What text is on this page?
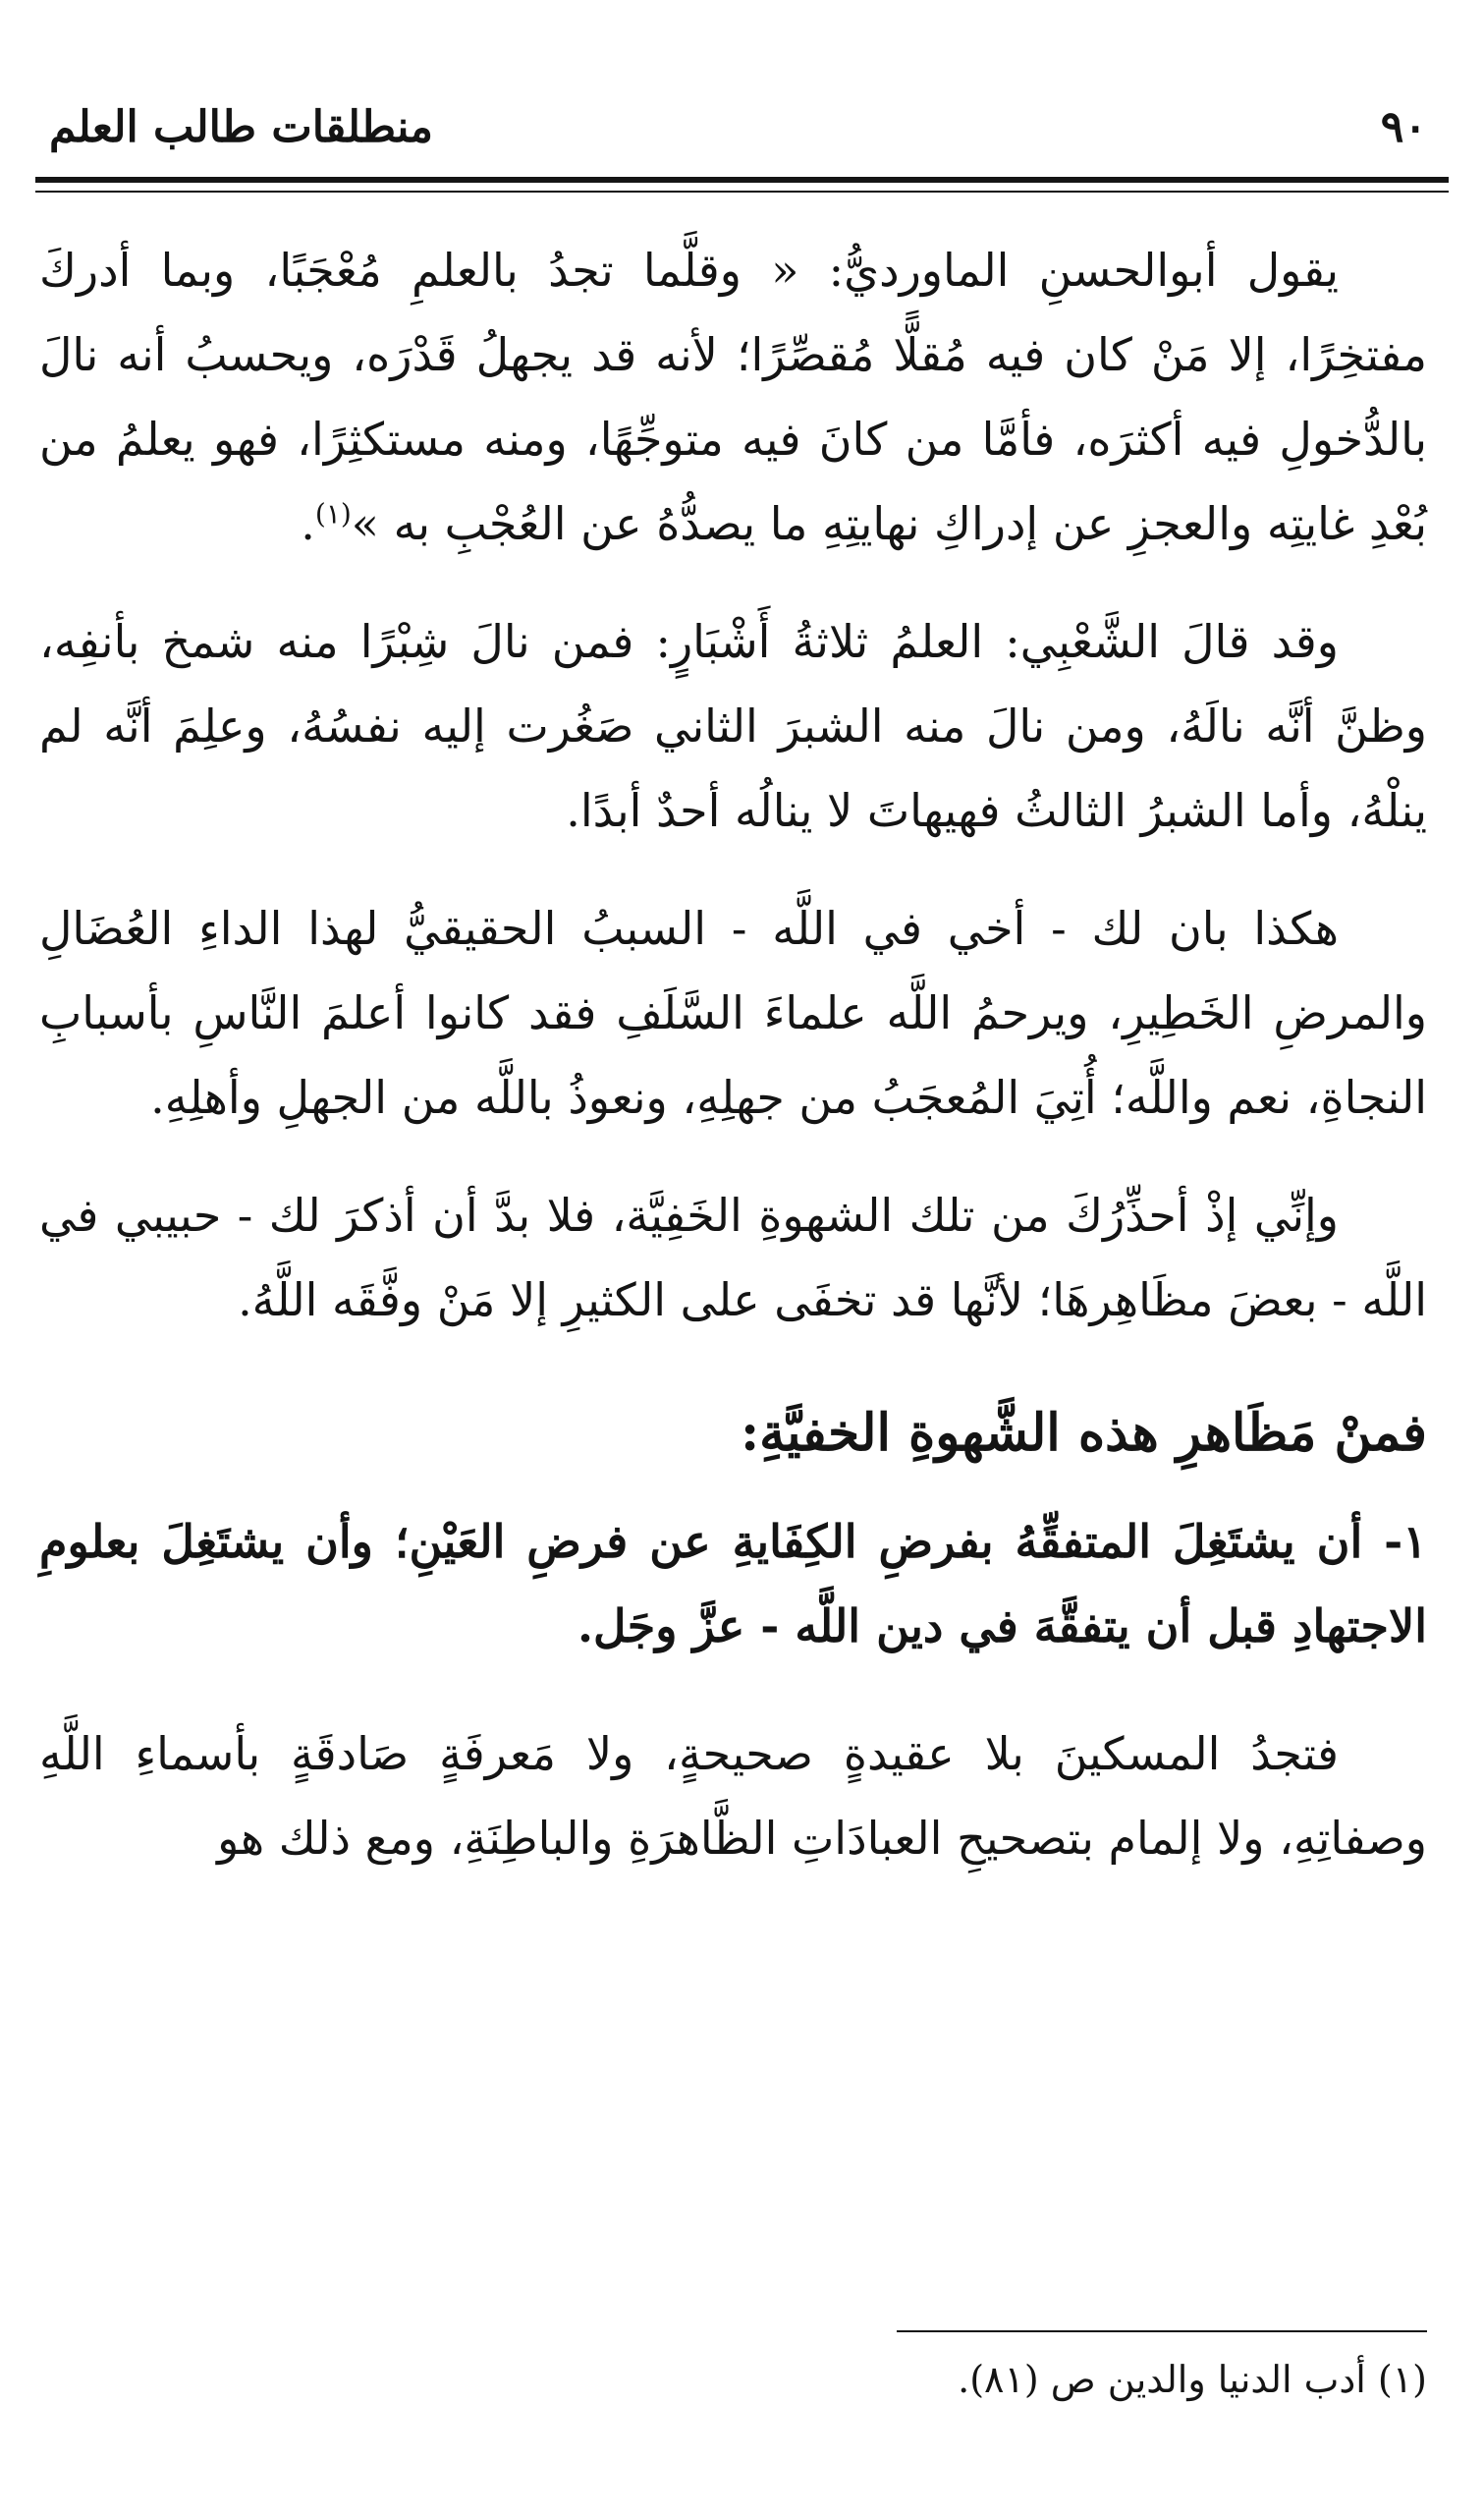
٩٠
منطلقات طالب العلم

يقول أبوالحسنِ الماورديُّ: « وقلَّما تجدُ بالعلمِ مُعْجَبًا، وبما أدركَ مفتخِرًا، إلا مَنْ كان فيه مُقلًّا مُقصِّرًا؛ لأنه قد يجهلُ قَدْرَه، ويحسبُ أنه نالَ بالدُّخولِ فيه أكثرَه، فأمَّا من كانَ فيه متوجِّهًا، ومنه مستكثِرًا، فهو يعلمُ من بُعْدِ غايتِه والعجزِ عن إدراكِ نهايتِهِ ما يصدُّهُ عن العُجْبِ به »$^{(١)}$.

وقد قالَ الشَّعْبِي: العلمُ ثلاثةُ أَشْبَارٍ: فمن نالَ شِبْرًا منه شمخ بأنفِه، وظنَّ أنَّه نالَهُ، ومن نالَ منه الشبرَ الثاني صَغُرت إليه نفسُهُ، وعلِمَ أنَّه لم ينلْهُ، وأما الشبرُ الثالثُ فهيهاتَ لا ينالُه أحدٌ أبدًا.

هكذا بان لك - أخي في اللَّه - السببُ الحقيقيُّ لهذا الداءِ العُضَالِ والمرضِ الخَطِيرِ، ويرحمُ اللَّه علماءَ السَّلَفِ فقد كانوا أعلمَ النَّاسِ بأسبابِ النجاةِ، نعم واللَّه؛ أُتِيَ المُعجَبُ من جهلِهِ، ونعوذُ باللَّه من الجهلِ وأهلِهِ.

وإنِّي إذْ أحذِّرُكَ من تلك الشهوةِ الخَفِيَّة، فلا بدَّ أن أذكرَ لك - حبيبي في اللَّه - بعضَ مظَاهِرهَا؛ لأنَّها قد تخفَى على الكثيرِ إلا مَنْ وفَّقَه اللَّهُ.

فمنْ مَظَاهرِ هذه الشَّهوةِ الخفيَّةِ:

١- أن يشتَغِلَ المتفقِّهُ بفرضِ الكِفَايةِ عن فرضِ العَيْنِ؛ وأن يشتَغِلَ بعلومِ الاجتهادِ قبل أن يتفقَّهَ في دين اللَّه - عزَّ وجَل.

فتجدُ المسكينَ بلا عقيدةٍ صحيحةٍ، ولا مَعرفَةٍ صَادقَةٍ بأسماءِ اللَّهِ وصفاتِهِ، ولا إلمام بتصحيحِ العبادَاتِ الظَّاهرَةِ والباطِنَةِ، ومع ذلك هو

(١) أدب الدنيا والدين ص (٨١).
